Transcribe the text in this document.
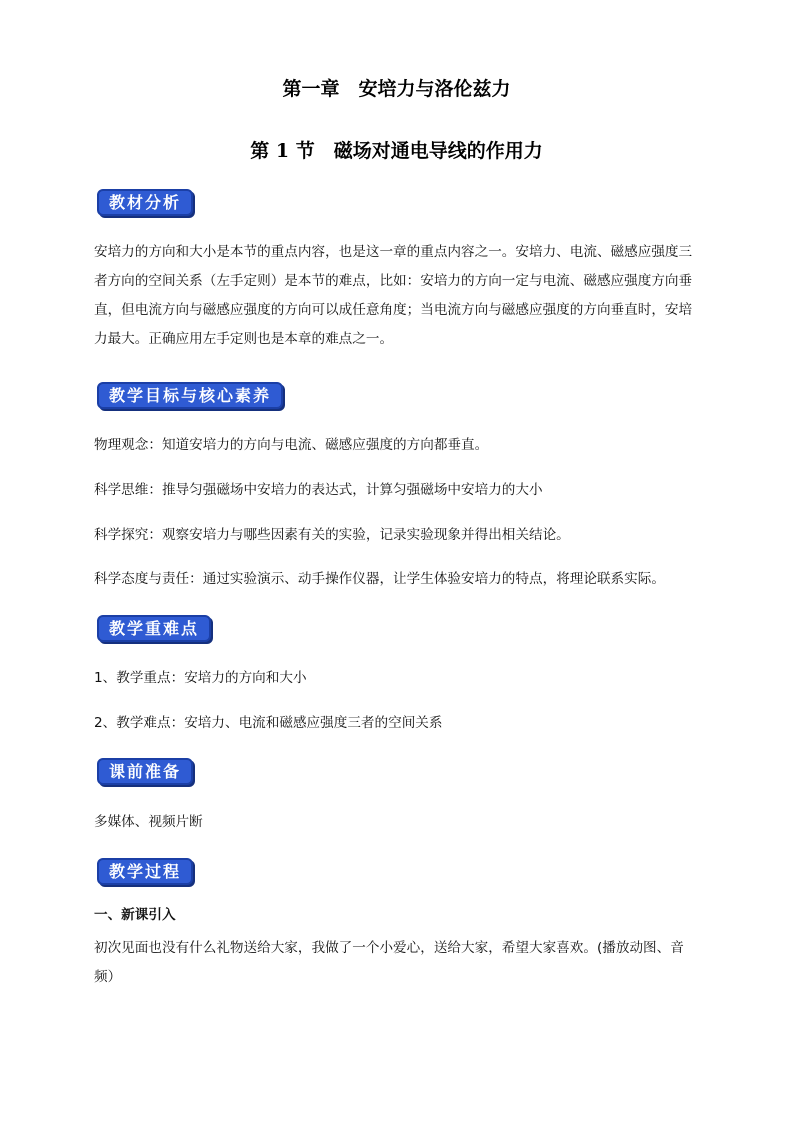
第一章　安培力与洛伦兹力
第 1 节　磁场对通电导线的作用力
教材分析
安培力的方向和大小是本节的重点内容，也是这一章的重点内容之一。安培力、电流、磁感应强度三者方向的空间关系（左手定则）是本节的难点，比如：安培力的方向一定与电流、磁感应强度方向垂直，但电流方向与磁感应强度的方向可以成任意角度；当电流方向与磁感应强度的方向垂直时，安培力最大。正确应用左手定则也是本章的难点之一。
教学目标与核心素养
物理观念：知道安培力的方向与电流、磁感应强度的方向都垂直。
科学思维：推导匀强磁场中安培力的表达式，计算匀强磁场中安培力的大小
科学探究：观察安培力与哪些因素有关的实验，记录实验现象并得出相关结论。
科学态度与责任：通过实验演示、动手操作仪器，让学生体验安培力的特点，将理论联系实际。
教学重难点
1、教学重点：安培力的方向和大小
2、教学难点：安培力、电流和磁感应强度三者的空间关系
课前准备
多媒体、视频片断
教学过程
一、新课引入
初次见面也没有什么礼物送给大家，我做了一个小爱心，送给大家，希望大家喜欢。(播放动图、音频）
